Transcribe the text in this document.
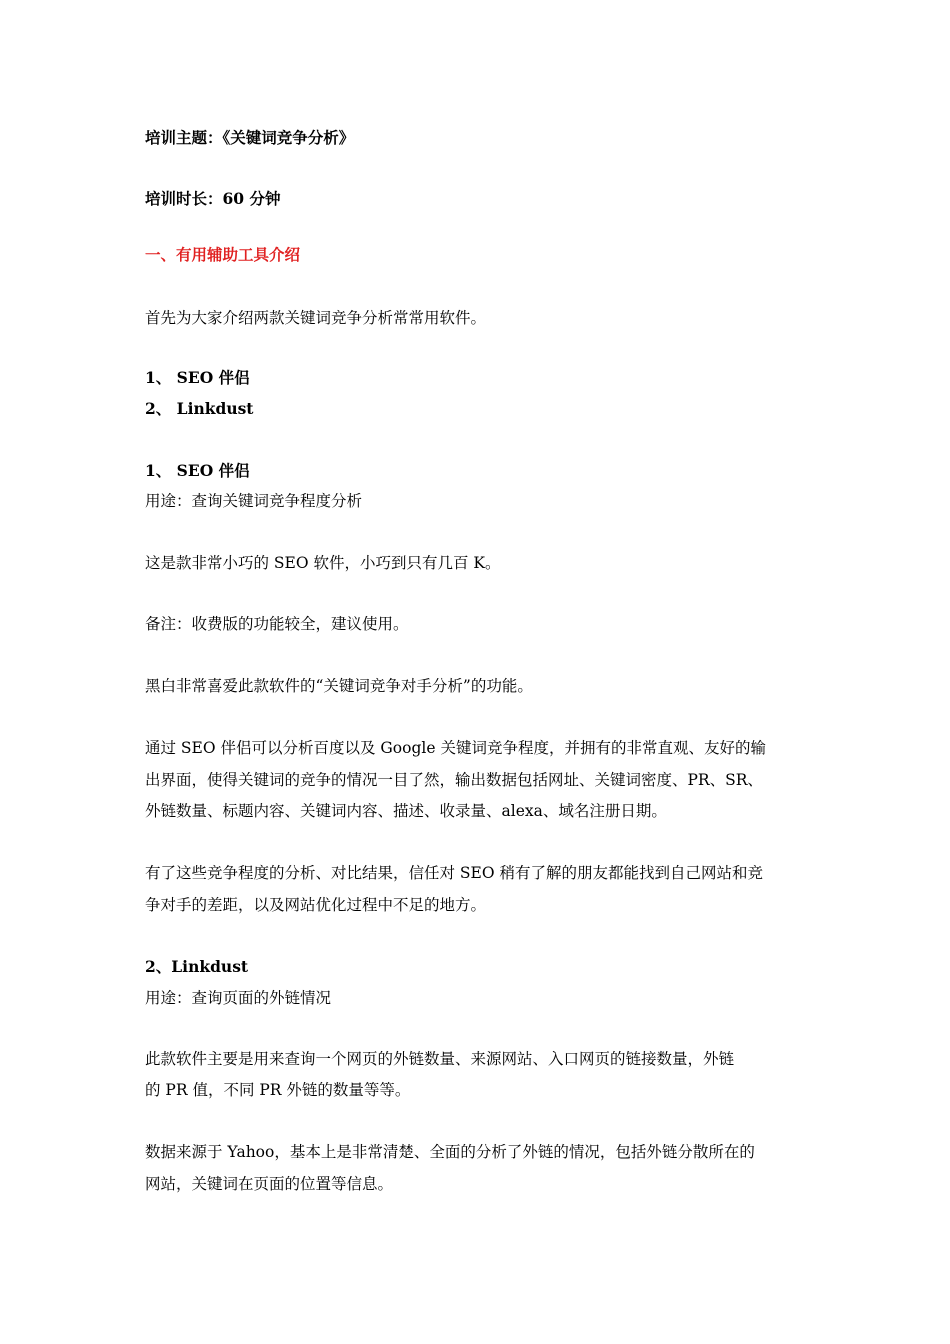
培训主题：《关键词竞争分析》
培训时长：60 分钟
一、有用辅助工具介绍
首先为大家介绍两款关键词竞争分析常常用软件。
1、 SEO 伴侣
2、 Linkdust
1、 SEO 伴侣
用途：查询关键词竞争程度分析
这是款非常小巧的 SEO 软件，小巧到只有几百 K。
备注：收费版的功能较全，建议使用。
黑白非常喜爱此款软件的“关键词竞争对手分析”的功能。
通过 SEO 伴侣可以分析百度以及 Google 关键词竞争程度，并拥有的非常直观、友好的输
出界面，使得关键词的竞争的情况一目了然，输出数据包括网址、关键词密度、PR、SR、
外链数量、标题内容、关键词内容、描述、收录量、alexa、域名注册日期。
有了这些竞争程度的分析、对比结果，信任对 SEO 稍有了解的朋友都能找到自己网站和竞
争对手的差距，以及网站优化过程中不足的地方。
2、Linkdust
用途：查询页面的外链情况
此款软件主要是用来查询一个网页的外链数量、来源网站、入口网页的链接数量，外链
的 PR 值，不同 PR 外链的数量等等。
数据来源于 Yahoo，基本上是非常清楚、全面的分析了外链的情况，包括外链分散所在的
网站，关键词在页面的位置等信息。
